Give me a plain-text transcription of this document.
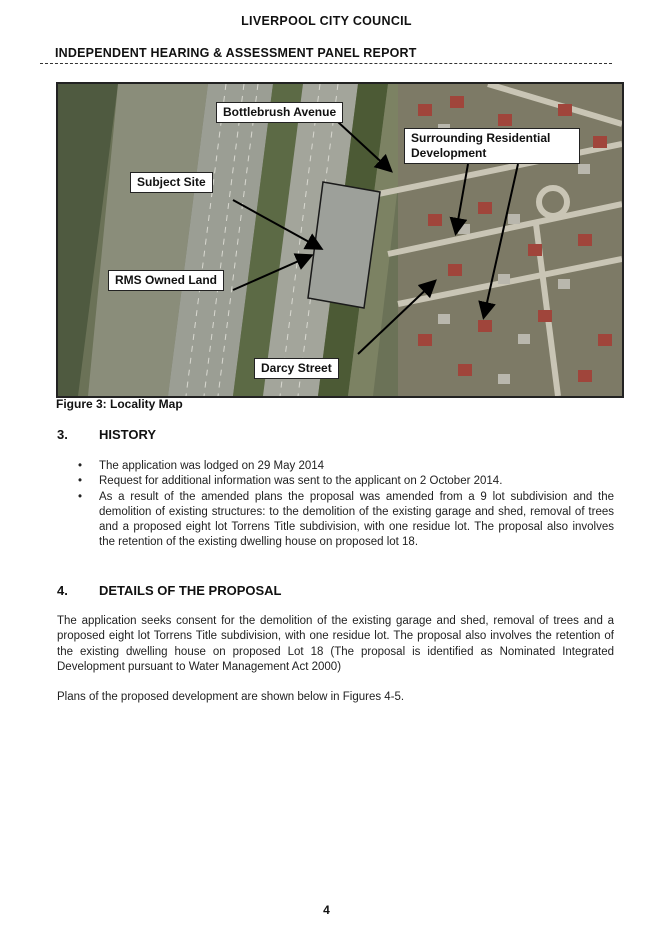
LIVERPOOL CITY COUNCIL
INDEPENDENT HEARING & ASSESSMENT PANEL REPORT
Bottlebrush Avenue
Surrounding Residential Development
Subject Site
RMS Owned Land
Darcy Street
Figure 3: Locality Map
3. HISTORY
• The application was lodged on 29 May 2014
• Request for additional information was sent to the applicant on 2 October 2014.
• As a result of the amended plans the proposal was amended from a 9 lot subdivision and the demolition of existing structures: to the demolition of the existing garage and shed, removal of trees and a proposed eight lot Torrens Title subdivision, with one residue lot. The proposal also involves the retention of the existing dwelling house on proposed lot 18.
4. DETAILS OF THE PROPOSAL

The application seeks consent for the demolition of the existing garage and shed, removal of trees and a proposed eight lot Torrens Title subdivision, with one residue lot. The proposal also involves the retention of the existing dwelling house on proposed Lot 18 (The proposal is identified as Nominated Integrated Development pursuant to Water Management Act 2000)

Plans of the proposed development are shown below in Figures 4-5.

4
